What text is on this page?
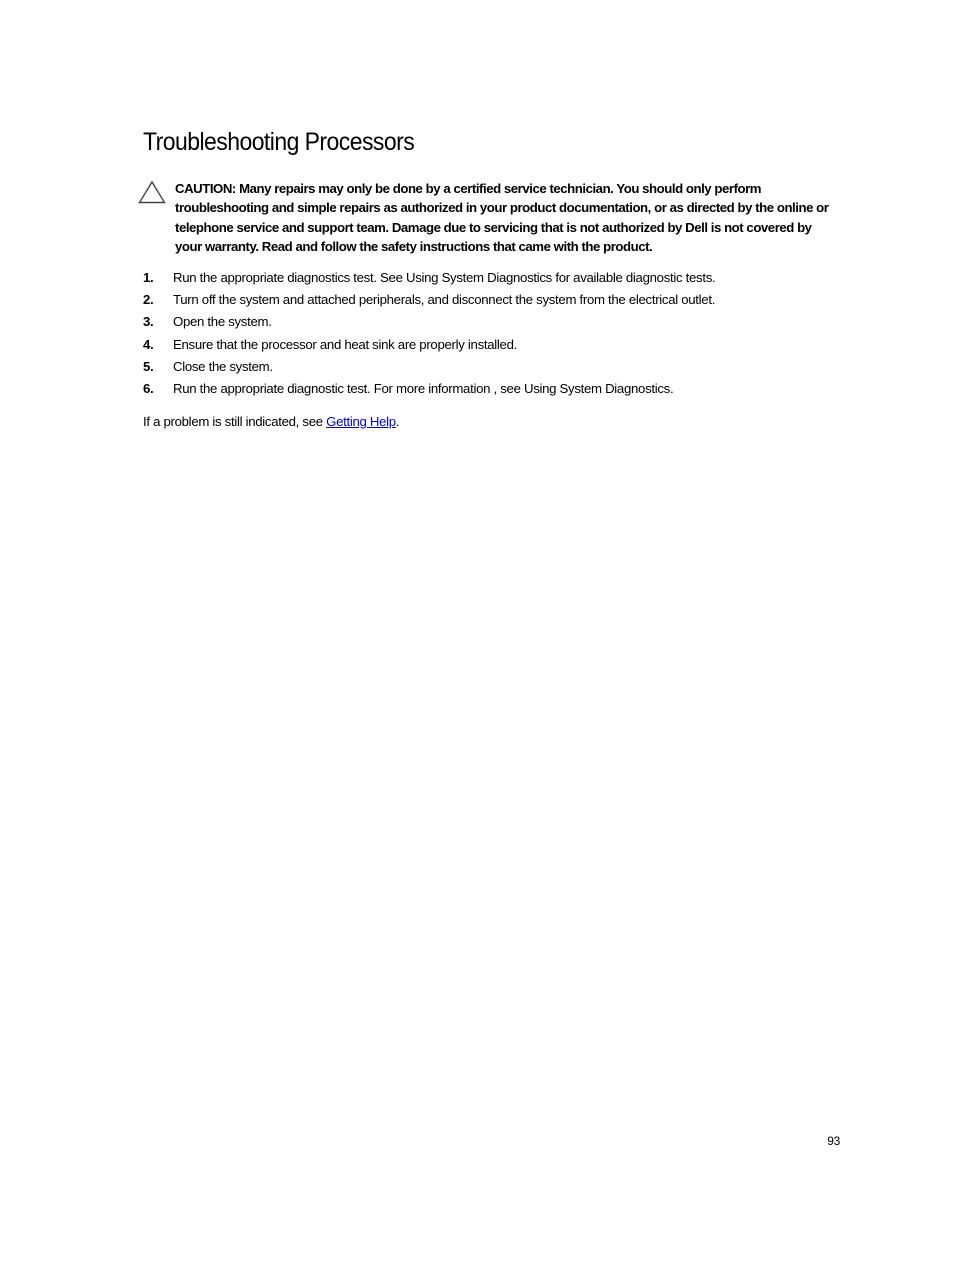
Troubleshooting Processors
CAUTION: Many repairs may only be done by a certified service technician. You should only perform troubleshooting and simple repairs as authorized in your product documentation, or as directed by the online or telephone service and support team. Damage due to servicing that is not authorized by Dell is not covered by your warranty. Read and follow the safety instructions that came with the product.
1. Run the appropriate diagnostics test. See Using System Diagnostics for available diagnostic tests.
2. Turn off the system and attached peripherals, and disconnect the system from the electrical outlet.
3. Open the system.
4. Ensure that the processor and heat sink are properly installed.
5. Close the system.
6. Run the appropriate diagnostic test. For more information , see Using System Diagnostics.

If a problem is still indicated, see Getting Help.

93
